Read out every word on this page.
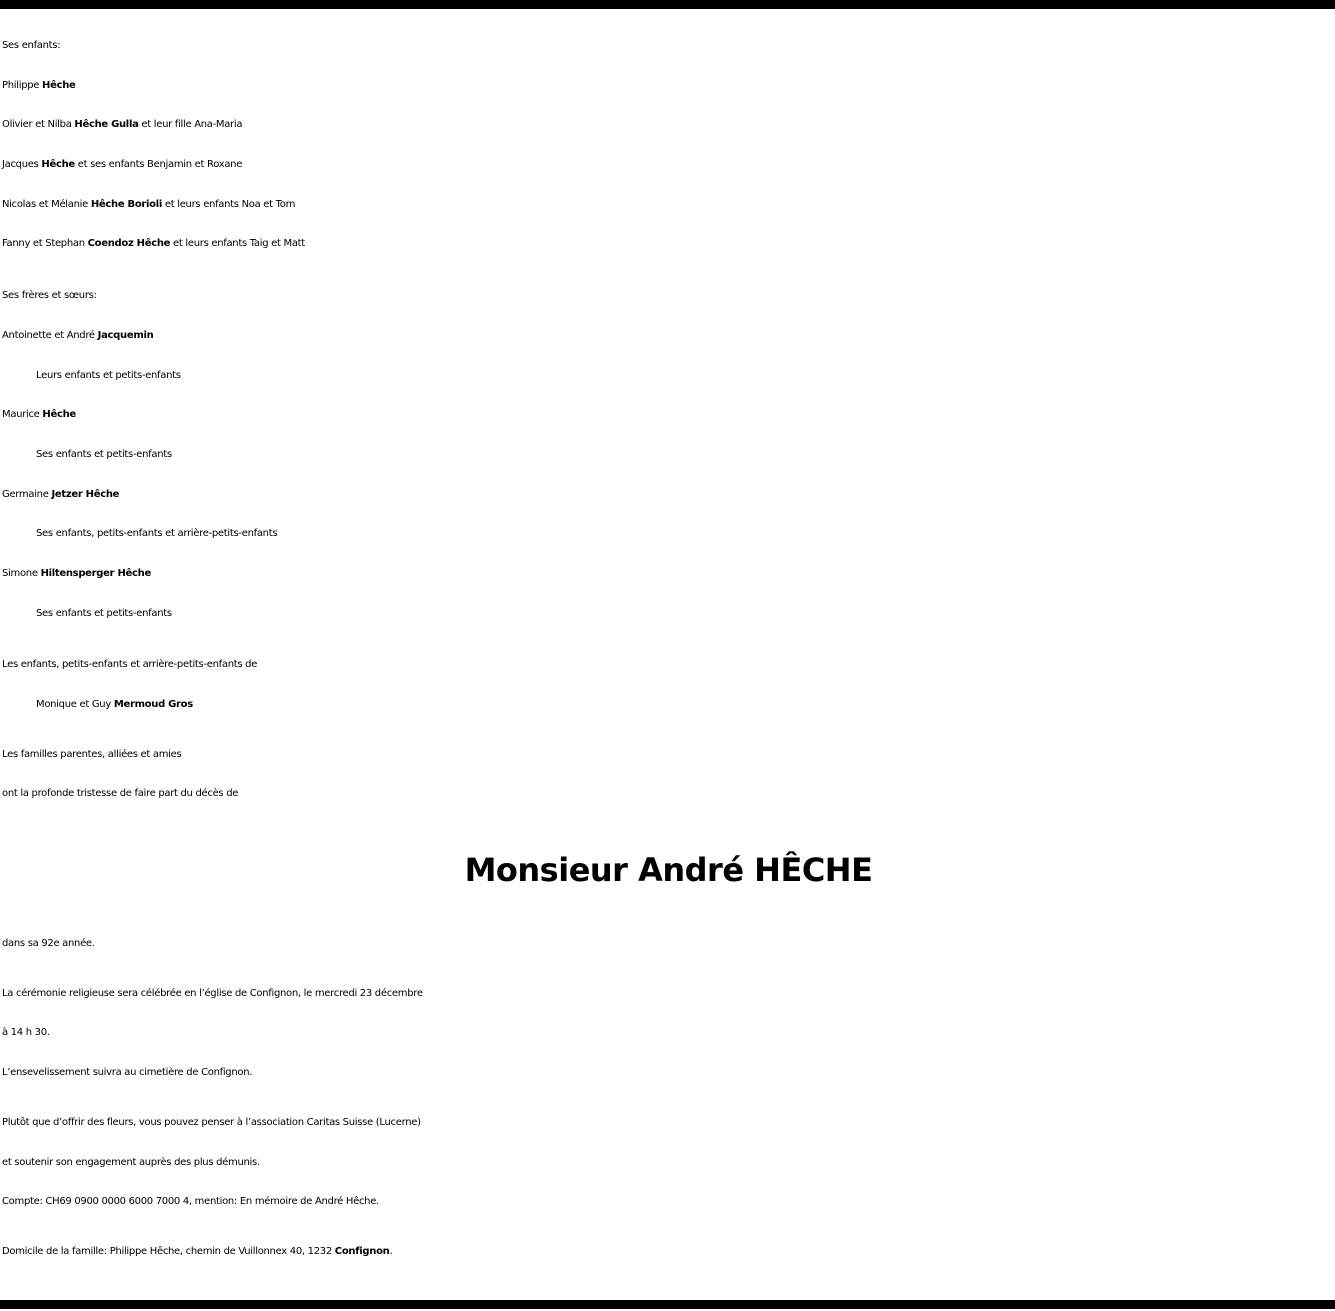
Ses enfants:
Philippe Hêche
Olivier et Nilba Hêche Gulla et leur fille Ana-Maria
Jacques Hêche et ses enfants Benjamin et Roxane
Nicolas et Mélanie Hêche Borioli et leurs enfants Noa et Tom
Fanny et Stephan Coendoz Hêche et leurs enfants Taig et Matt
Ses frères et sœurs:
Antoinette et André Jacquemin
Leurs enfants et petits-enfants
Maurice Hêche
Ses enfants et petits-enfants
Germaine Jetzer Hêche
Ses enfants, petits-enfants et arrière-petits-enfants
Simone Hiltensperger Hêche
Ses enfants et petits-enfants
Les enfants, petits-enfants et arrière-petits-enfants de
Monique et Guy Mermoud Gros
Les familles parentes, alliées et amies
ont la profonde tristesse de faire part du décès de
Monsieur André HÊCHE
dans sa 92e année.
La cérémonie religieuse sera célébrée en l’église de Confignon, le mercredi 23 décembre
à 14 h 30.
L’ensevelissement suivra au cimetière de Confignon.
Plutôt que d’offrir des fleurs, vous pouvez penser à l’association Caritas Suisse (Lucerne)
et soutenir son engagement auprès des plus démunis.
Compte: CH69 0900 0000 6000 7000 4, mention: En mémoire de André Hêche.
Domicile de la famille: Philippe Hêche, chemin de Vuillonnex 40, 1232 Confignon.
